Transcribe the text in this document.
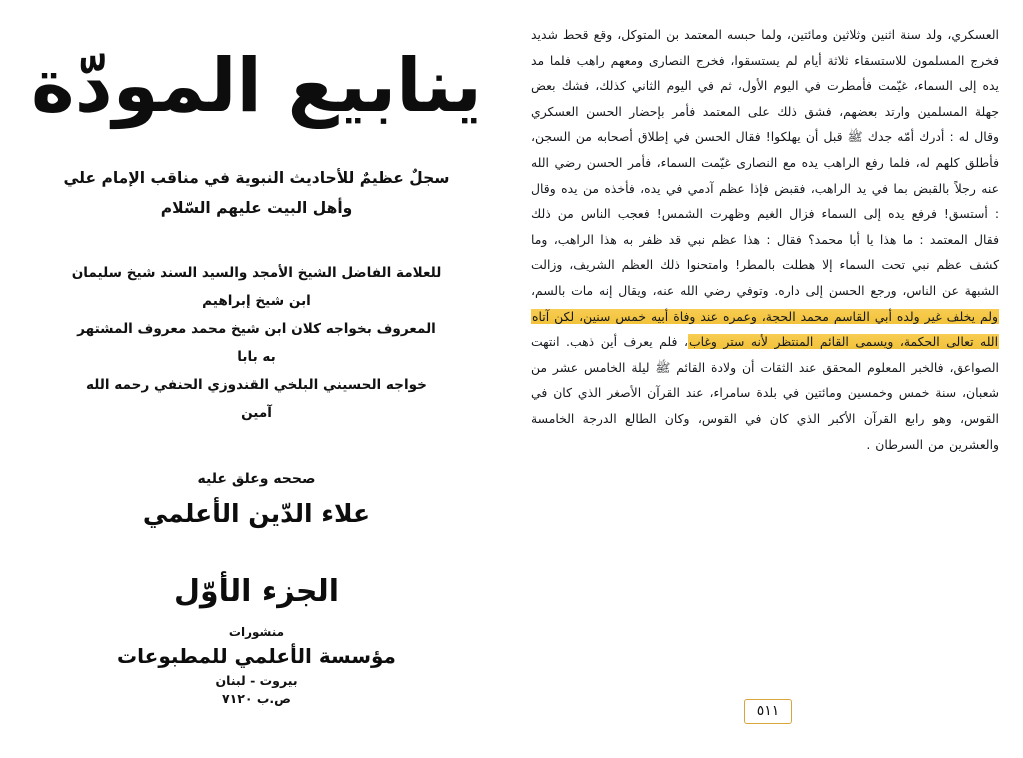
ينابيع المودّة
سجلٌ عظيمٌ للأحاديث النبوية في مناقب الإمام علي
وأهل البيت عليهم السّلام
للعلامة الفاضل الشيخ الأمجد والسيد السند شيخ سليمان ابن شيخ إبراهيم
المعروف بخواجه كلان ابن شيخ محمد معروف المشتهر به بابا
خواجه الحسيني البلخي القندوزي الحنفي رحمه الله آمين
صححه وعلق عليه
علاء الدّين الأعلمي
الجزء الأوّل
منشورات
مؤسسة الأعلمي للمطبوعات
بيروت - لبنان
ص.ب ٧١٢٠

العسكري، ولد سنة اثنين وثلاثين ومائتين، ولما حبسه المعتمد بن المتوكل، وقع قحط شديد فخرج المسلمون للاستسقاء ثلاثة أيام لم يستسقوا، فخرج النصارى ومعهم راهب فلما مد يده إلى السماء، غيّمت فأمطرت في اليوم الأول، ثم في اليوم الثاني كذلك، فشك بعض جهلة المسلمين وارتد بعضهم، فشق ذلك على المعتمد فأمر بإحضار الحسن العسكري وقال له : أدرك أمّه جدك ﷺ قبل أن يهلكوا! فقال الحسن في إطلاق أصحابه من السجن، فأطلق كلهم له، فلما رفع الراهب يده مع النصارى غيّمت السماء، فأمر الحسن رضي الله عنه رجلاً بالقبض بما في يد الراهب، فقبض فإذا عظم آدمي في يده، فأخذه من يده وقال : أستسق! فرفع يده إلى السماء فزال الغيم وظهرت الشمس! فعجب الناس من ذلك فقال المعتمد : ما هذا يا أبا محمد؟ فقال : هذا عظم نبي قد ظفر به هذا الراهب، وما كشف عظم نبي تحت السماء إلا هطلت بالمطر! وامتحنوا ذلك العظم الشريف، وزالت الشبهة عن الناس، ورجع الحسن إلى داره. وتوفي رضي الله عنه، ويقال إنه مات بالسم، ولم يخلف غير ولده أبي القاسم محمد الحجة، وعمره عند وفاة أبيه خمس سنين، لكن آتاه الله تعالى الحكمة، ويسمى القائم المنتظر لأنه ستر وغاب، فلم يعرف أين ذهب. انتهت الصواعق، فالخبر المعلوم المحقق عند الثقات أن ولادة القائم ﷺ ليلة الخامس عشر من شعبان، سنة خمس وخمسين ومائتين في بلدة سامراء، عند القرآن الأصغر الذي كان في القوس، وهو رابع القرآن الأكبر الذي كان في القوس، وكان الطالع الدرجة الخامسة والعشرين من السرطان .

٥١١
